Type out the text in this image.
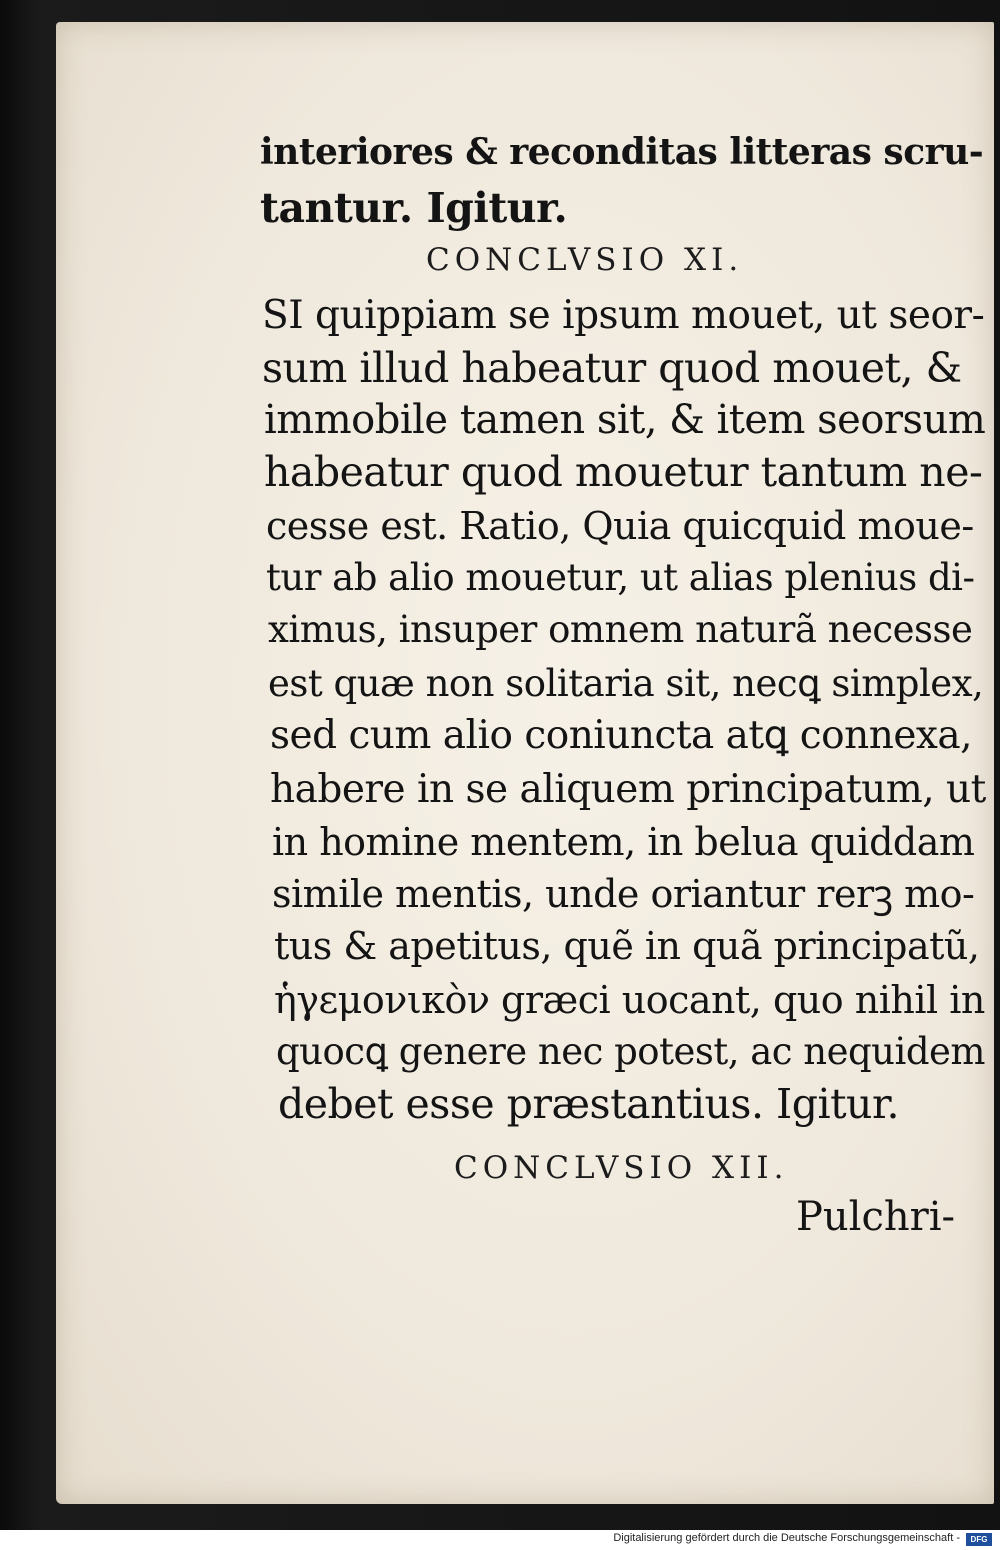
interiores & reconditas litteras scru-
tantur. Igitur.
CONCLVSIO XI.
SI quippiam se ipsum mouet, ut seor-
sum illud habeatur quod mouet, &
immobile tamen sit, & item seorsum
habeatur quod mouetur tantum ne-
cesse est. Ratio, Quia quicquid moue-
tur ab alio mouetur, ut alias plenius di-
ximus, insuper omnem naturã necesse
est quæ non solitaria sit, necꝗ simplex,
sed cum alio coniuncta atꝗ connexa,
habere in se aliquem principatum, ut
in homine mentem, in belua quiddam
simile mentis, unde oriantur rerꝫ mo-
tus & apetitus, quẽ in quã principatũ,
ἡγεμονικὸν græci uocant, quo nihil in
quocꝗ genere nec potest, ac nequidem
debet esse præstantius. Igitur.
CONCLVSIO XII.
Pulchri-
Digitalisierung gefördert durch die Deutsche Forschungsgemeinschaft -	DFG
